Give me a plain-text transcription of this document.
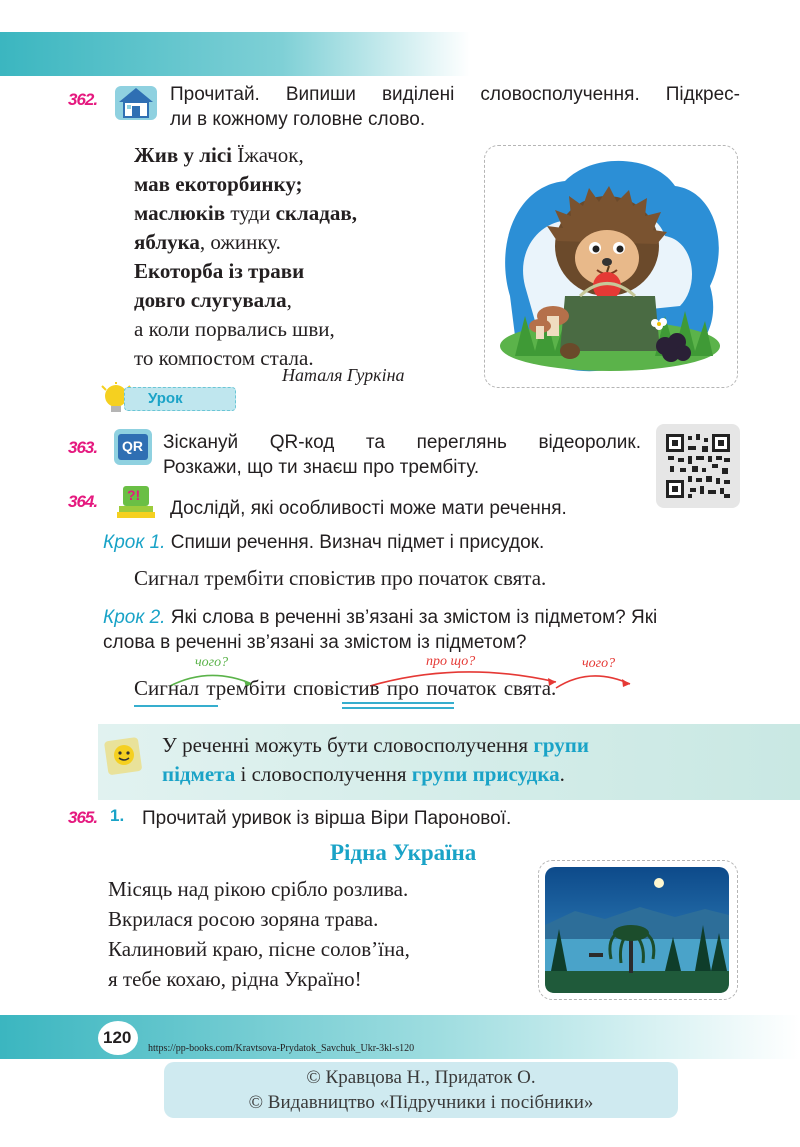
362.	Прочитай. Випиши виділені словосполучення. Підкрес-
ли в кожному головне слово.
Жив у лісі Їжачок,
мав екоторбинку;
маслюків туди складав,
яблука, ожинку.
Екоторба із трави
довго слугувала,
а коли порвались шви,
то компостом стала.
Наталя Гуркіна
Урок
363. QR Зіскануй QR-код та переглянь відеоролик.
Розкажи, що ти знаєш про трембіту.
364. ?!
Дослідй, які особливості може мати речення.
Крок 1. Спиши речення. Визнач підмет і присудок.
Сигнал трембіти сповістив про початок свята.
Крок 2. Які слова в реченні зв’язані за змістом із підметом? Які
слова в реченні зв’язані за змістом із підметом?
чого?	про що?	чого?
Сигнал трембіти сповістив про початок свята.
У реченні можуть бути словосполучення групи
підмета і словосполучення групи присудка.
365. 1. Прочитай уривок із вірша Віри Паронової.
Рідна Україна
Місяць над рікою срібло розлива.
Вкрилася росою зоряна трава.
Калиновий краю, пісне солов’їна,
я тебе кохаю, рідна Україно!
120
https://pp-books.com/Kravtsova-Prydatok_Savchuk_Ukr-3kl-s120
© Кравцова Н., Придаток О.
© Видавництво «Підручники і посібники»
